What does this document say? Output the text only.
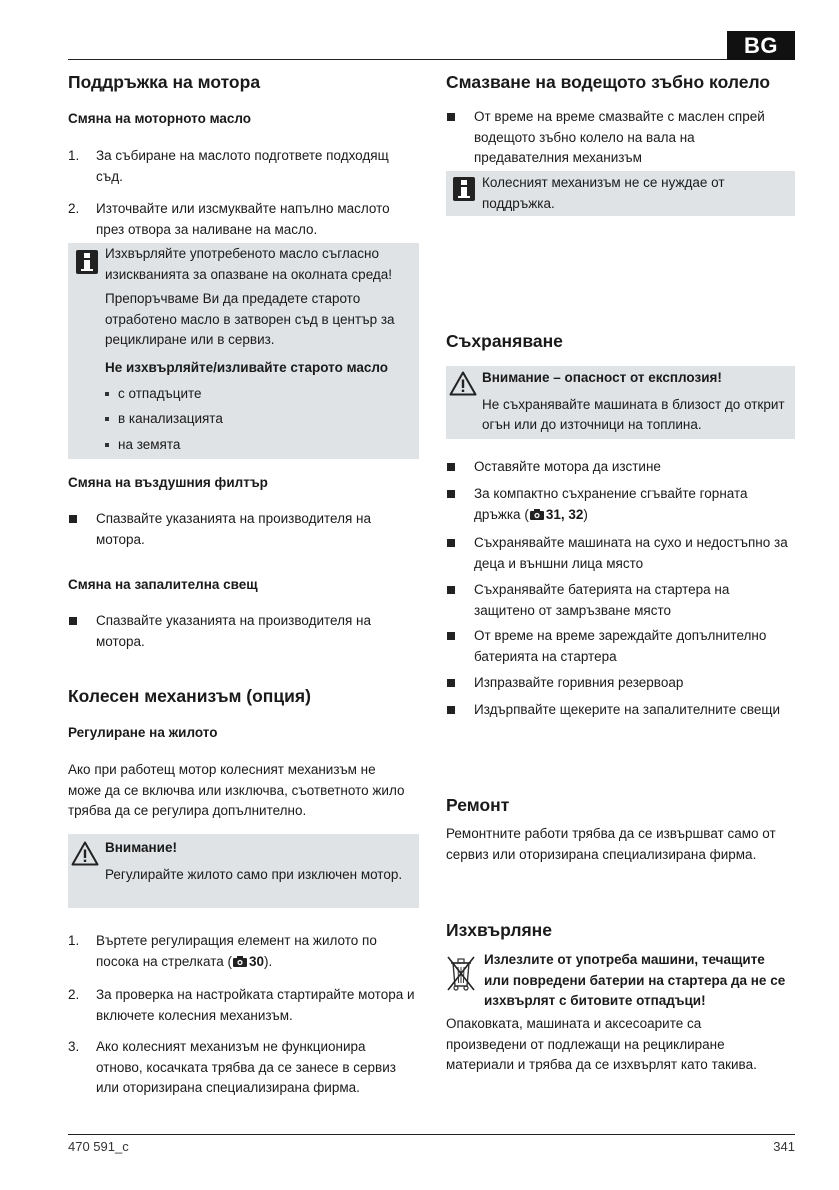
BG
Поддръжка на мотора
Смяна на моторното масло
1. За събиране на маслото подгответе подходящ съд.
2. Източвайте или изсмуквайте напълно маслото през отвора за наливане на масло.
Изхвърляйте употребеното масло съгласно изискванията за опазване на околната среда!
Препоръчваме Ви да предадете старото отработено масло в затворен съд в център за рециклиране или в сервиз.
Не изхвърляйте/изливайте старото масло
с отпадъците
в канализацията
на земята
Смяна на въздушния филтър
Спазвайте указанията на производителя на мотора.
Смяна на запалителна свещ
Спазвайте указанията на производителя на мотора.
Колесен механизъм (опция)
Регулиране на жилото
Ако при работещ мотор колесният механизъм не може да се включва или изключва, съответното жило трябва да се регулира допълнително.
Внимание!
Регулирайте жилото само при изключен мотор.
1. Въртете регулиращия елемент на жилото по посока на стрелката ( 30).
2. За проверка на настройката стартирайте мотора и включете колесния механизъм.
3. Ако колесният механизъм не функционира отново, косачката трябва да се занесе в сервиз или оторизирана специализирана фирма.
Смазване на водещото зъбно колело
От време на време смазвайте с маслен спрей водещото зъбно колело на вала на предавателния механизъм
Колесният механизъм не се нуждае от поддръжка.
Съхраняване
Внимание – опасност от експлозия!
Не съхранявайте машината в близост до открит огън или до източници на топлина.
Оставяйте мотора да изстине
За компактно съхранение сгъвайте горната дръжка ( 31, 32)
Съхранявайте машината на сухо и недостъпно за деца и външни лица място
Съхранявайте батерията на стартера на защитено от замръзване място
От време на време зареждайте допълнително батерията на стартера
Изпразвайте горивния резервоар
Издърпвайте щекерите на запалителните свещи
Ремонт
Ремонтните работи трябва да се извършват само от сервиз или оторизирана специализирана фирма.
Изхвърляне
Излезлите от употреба машини, течащите или повредени батерии на стартера да не се изхвърлят с битовите отпадъци!
Опаковката, машината и аксесоарите са произведени от подлежащи на рециклиране материали и трябва да се изхвърлят като такива.
470 591_c	341
